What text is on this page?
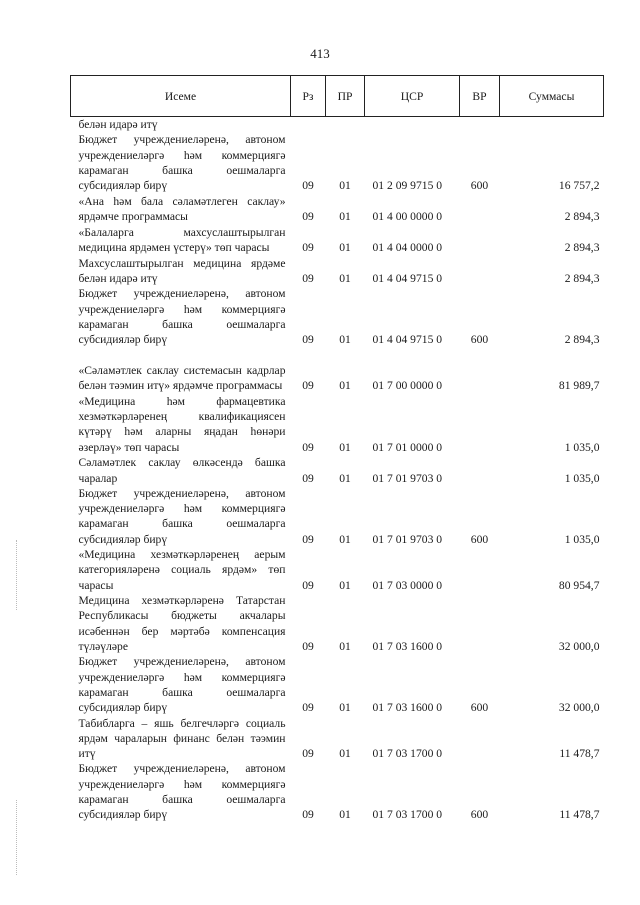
413
Исеме	Рз	ПР	ЦСР	ВР	Суммасы
белән идарә итү					
Бюджет учреждениеләренә, автоном учреждениеләргә һәм коммерциягә карамаган башка оешмаларга субсидияләр бирү	09	01	01 2 09 9715 0	600	16 757,2
«Ана һәм бала сәламәтлеген саклау» ярдәмче программасы	09	01	01 4 00 0000 0		2 894,3
«Балаларга махсуслаштырылган медицина ярдәмен үстерү» төп чарасы	09	01	01 4 04 0000 0		2 894,3
Махсуслаштырылган медицина ярдәме белән идарә итү	09	01	01 4 04 9715 0		2 894,3
Бюджет учреждениеләренә, автоном учреждениеләргә һәм коммерциягә карамаган башка оешмаларга субсидияләр бирү	09	01	01 4 04 9715 0	600	2 894,3
«Сәламәтлек саклау системасын кадрлар белән тәэмин итү» ярдәмче программасы	09	01	01 7 00 0000 0		81 989,7
«Медицина һәм фармацевтика хезмәткәрләренең квалификациясен күтәрү һәм аларны яңадан һөнәри әзерләү» төп чарасы	09	01	01 7 01 0000 0		1 035,0
Сәламәтлек саклау өлкәсендә башка чаралар	09	01	01 7 01 9703 0		1 035,0
Бюджет учреждениеләренә, автоном учреждениеләргә һәм коммерциягә карамаган башка оешмаларга субсидияләр бирү	09	01	01 7 01 9703 0	600	1 035,0
«Медицина хезмәткәрләренең аерым категорияләренә социаль ярдәм» төп чарасы	09	01	01 7 03 0000 0		80 954,7
Медицина хезмәткәрләренә Татарстан Республикасы бюджеты акчалары исәбеннән бер мәртәбә компенсация түләүләре	09	01	01 7 03 1600 0		32 000,0
Бюджет учреждениеләренә, автоном учреждениеләргә һәм коммерциягә карамаган башка оешмаларга субсидияләр бирү	09	01	01 7 03 1600 0	600	32 000,0
Табибларга – яшь белгечләргә социаль ярдәм чараларын финанс белән тәэмин итү	09	01	01 7 03 1700 0		11 478,7
Бюджет учреждениеләренә, автоном учреждениеләргә һәм коммерциягә карамаган башка оешмаларга субсидияләр бирү	09	01	01 7 03 1700 0	600	11 478,7
